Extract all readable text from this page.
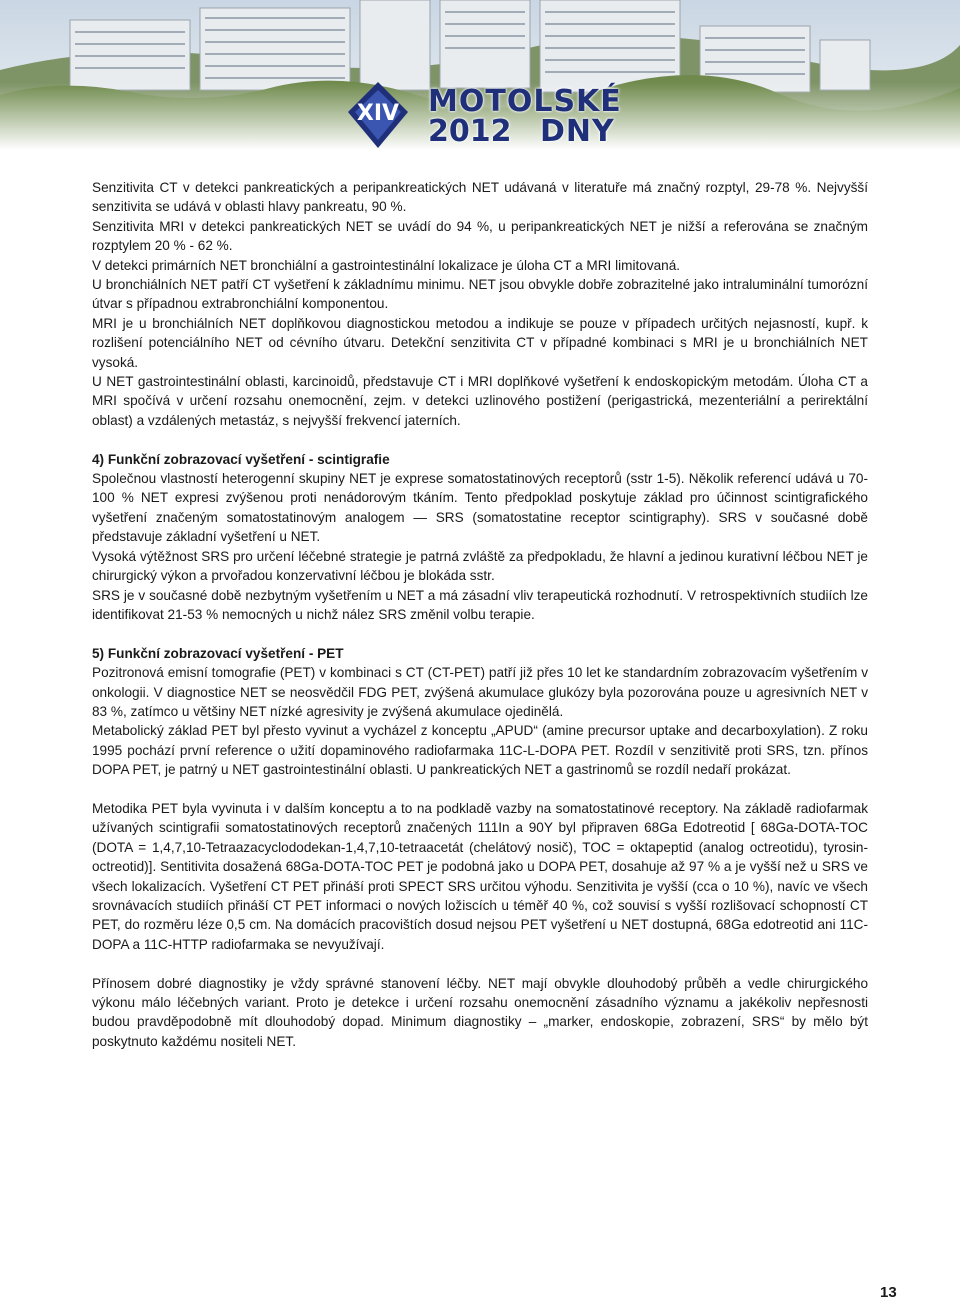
XIV MOTOLSKÉ
2012 DNY

Senzitivita CT v detekci pankreatických a peripankreatických NET udávaná v literatuře má značný rozptyl, 29-78 %. Nejvyšší senzitivita se udává v oblasti hlavy pankreatu, 90 %.

Senzitivita MRI v detekci pankreatických NET se uvádí do 94 %, u peripankreatických NET je nižší a referována se značným rozptylem 20 % - 62 %.

V detekci primárních NET bronchiální a gastrointestinální lokalizace je úloha CT a MRI limitovaná.

U bronchiálních NET patří CT vyšetření k základnímu minimu. NET jsou obvykle dobře zobrazitelné jako intraluminální tumorózní útvar s případnou extrabronchiální komponentou.

MRI je u bronchiálních NET doplňkovou diagnostickou metodou a indikuje se pouze v případech určitých nejasností, kupř. k rozlišení potenciálního NET od cévního útvaru. Detekční senzitivita CT v případné kombinaci s MRI je u bronchiálních NET vysoká.

U NET gastrointestinální oblasti, karcinoidů, představuje CT i MRI doplňkové vyšetření k endoskopickým metodám. Úloha CT a MRI spočívá v určení rozsahu onemocnění, zejm. v detekci uzlinového postižení (perigastrická, mezenteriální a perirektální oblast) a vzdálených metastáz, s nejvyšší frekvencí jaterních.

4) Funkční zobrazovací vyšetření - scintigrafie

Společnou vlastností heterogenní skupiny NET je exprese somatostatinových receptorů (sstr 1-5). Několik referencí udává u 70-100 % NET expresi zvýšenou proti nenádorovým tkáním. Tento předpoklad poskytuje základ pro účinnost scintigrafického vyšetření značeným somatostatinovým analogem — SRS (somatostatine receptor scintigraphy). SRS v současné době představuje základní vyšetření u NET.

Vysoká výtěžnost SRS pro určení léčebné strategie je patrná zvláště za předpokladu, že hlavní a jedinou kurativní léčbou NET je chirurgický výkon a prvořadou konzervativní léčbou je blokáda sstr.

SRS je v současné době nezbytným vyšetřením u NET a má zásadní vliv terapeutická rozhodnutí. V retrospektivních studiích lze identifikovat 21-53 % nemocných u nichž nález SRS změnil volbu terapie.

5) Funkční zobrazovací vyšetření - PET

Pozitronová emisní tomografie (PET) v kombinaci s CT (CT-PET) patří již přes 10 let ke standardním zobrazovacím vyšetřením v onkologii. V diagnostice NET se neosvědčil FDG PET, zvýšená akumulace glukózy byla pozorována pouze u agresivních NET v 83 %, zatímco u většiny NET nízké agresivity je zvýšená akumulace ojedinělá.

Metabolický základ PET byl přesto vyvinut a vycházel z konceptu „APUD“ (amine precursor uptake and decarboxylation). Z roku 1995 pochází první reference o užití dopaminového radiofarmaka 11C-L-DOPA PET. Rozdíl v senzitivitě proti SRS, tzn. přínos DOPA PET, je patrný u NET gastrointestinální oblasti. U pankreatických NET a gastrinomů se rozdíl nedaří prokázat.

Metodika PET byla vyvinuta i v dalším konceptu a to na podkladě vazby na somatostatinové receptory. Na základě radiofarmak užívaných scintigrafii somatostatinových receptorů značených 111In a 90Y byl připraven 68Ga Edotreotid [ 68Ga-DOTA-TOC (DOTA = 1,4,7,10-Tetraazacyclododekan-1,4,7,10-tetraacetát (chelátový nosič), TOC = oktapeptid (analog octreotidu), tyrosin-octreotid)]. Sentitivita dosažená 68Ga-DOTA-TOC PET je podobná jako u DOPA PET, dosahuje až 97 % a je vyšší než u SRS ve všech lokalizacích. Vyšetření CT PET přináší proti SPECT SRS určitou výhodu. Senzitivita je vyšší (cca o 10 %), navíc ve všech srovnávacích studiích přináší CT PET informaci o nových ložiscích u téměř 40 %, což souvisí s vyšší rozlišovací schopností CT PET, do rozměru léze 0,5 cm. Na domácích pracovištích dosud nejsou PET vyšetření u NET dostupná, 68Ga edotreotid ani 11C-DOPA a 11C-HTTP radiofarmaka se nevyužívají.

Přínosem dobré diagnostiky je vždy správné stanovení léčby. NET mají obvykle dlouhodobý průběh a vedle chirurgického výkonu málo léčebných variant. Proto je detekce i určení rozsahu onemocnění zásadního významu a jakékoliv nepřesnosti budou pravděpodobně mít dlouhodobý dopad. Minimum diagnostiky – „marker, endoskopie, zobrazení, SRS“ by mělo být poskytnuto každému nositeli NET.

13
